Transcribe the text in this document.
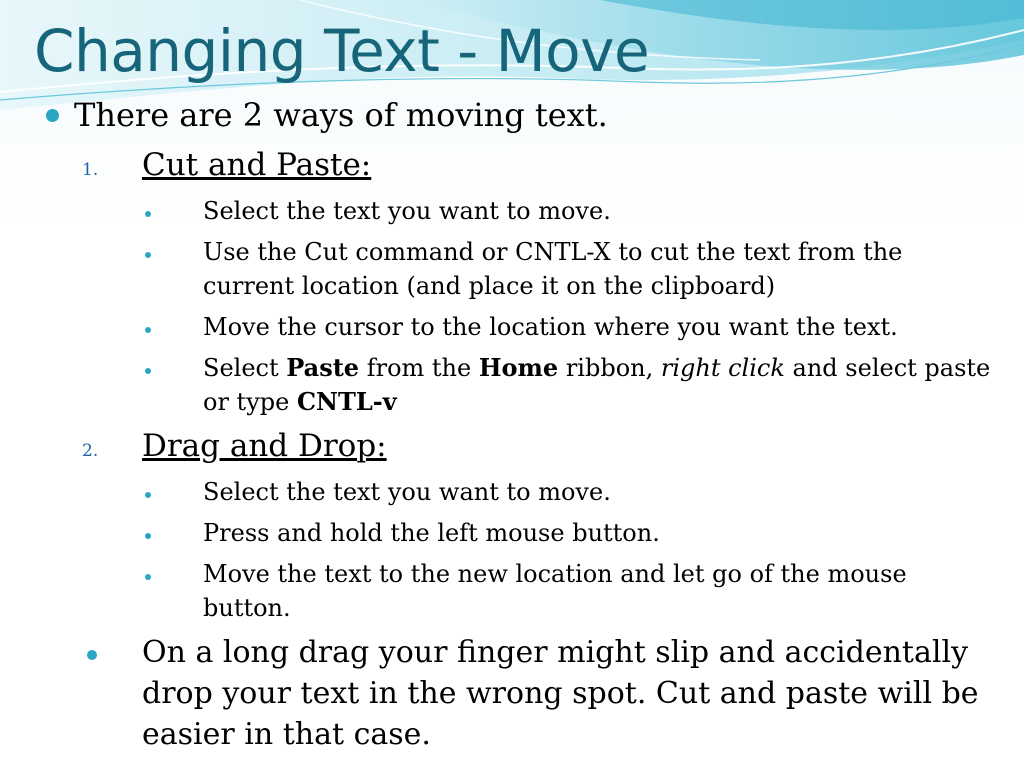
Changing Text - Move
There are 2 ways of moving text.
1. Cut and Paste:
Select the text you want to move.
Use the Cut command or CNTL-X to cut the text from the
current location (and place it on the clipboard)
Move the cursor to the location where you want the text.
Select Paste from the Home ribbon, right click and select paste
or type CNTL-v
2. Drag and Drop:
Select the text you want to move.
Press and hold the left mouse button.
Move the text to the new location and let go of the mouse
button.
On a long drag your finger might slip and accidentally
drop your text in the wrong spot. Cut and paste will be
easier in that case.
